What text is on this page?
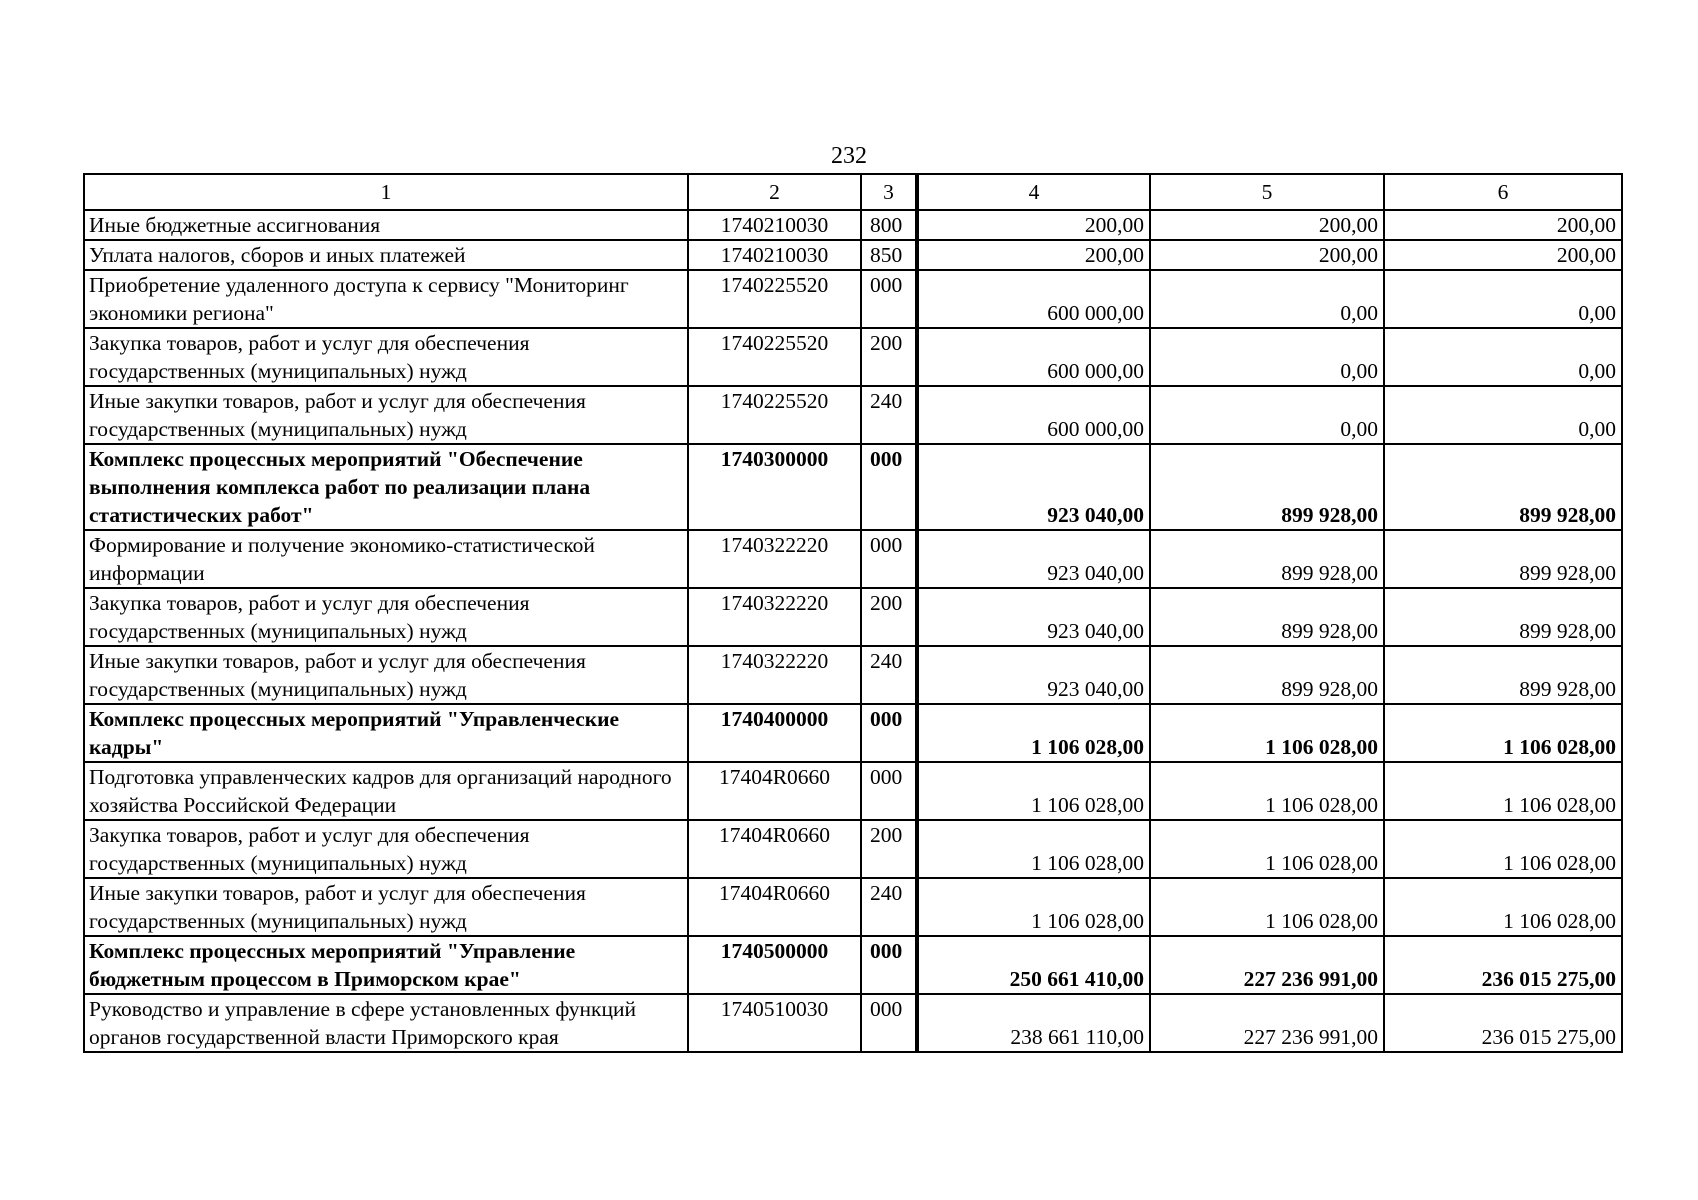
232
1	2	3		4	5	6
Иные бюджетные ассигнования	1740210030	800		200,00	200,00	200,00
Уплата налогов, сборов и иных платежей	1740210030	850		200,00	200,00	200,00
Приобретение удаленного доступа к сервису "Мониторинг экономики региона"	1740225520	000		600 000,00	0,00	0,00
Закупка товаров, работ и услуг для обеспечения государственных (муниципальных) нужд	1740225520	200		600 000,00	0,00	0,00
Иные закупки товаров, работ и услуг для обеспечения государственных (муниципальных) нужд	1740225520	240		600 000,00	0,00	0,00
Комплекс процессных мероприятий "Обеспечение выполнения комплекса работ по реализации плана статистических работ"	1740300000	000		923 040,00	899 928,00	899 928,00
Формирование и получение экономико-статистической информации	1740322220	000		923 040,00	899 928,00	899 928,00
Закупка товаров, работ и услуг для обеспечения государственных (муниципальных) нужд	1740322220	200		923 040,00	899 928,00	899 928,00
Иные закупки товаров, работ и услуг для обеспечения государственных (муниципальных) нужд	1740322220	240		923 040,00	899 928,00	899 928,00
Комплекс процессных мероприятий "Управленческие кадры"	1740400000	000		1 106 028,00	1 106 028,00	1 106 028,00
Подготовка управленческих кадров для организаций народного хозяйства Российской Федерации	17404R0660	000		1 106 028,00	1 106 028,00	1 106 028,00
Закупка товаров, работ и услуг для обеспечения государственных (муниципальных) нужд	17404R0660	200		1 106 028,00	1 106 028,00	1 106 028,00
Иные закупки товаров, работ и услуг для обеспечения государственных (муниципальных) нужд	17404R0660	240		1 106 028,00	1 106 028,00	1 106 028,00
Комплекс процессных мероприятий "Управление бюджетным процессом в Приморском крае"	1740500000	000		250 661 410,00	227 236 991,00	236 015 275,00
Руководство и управление в сфере установленных функций органов государственной власти Приморского края	1740510030	000		238 661 110,00	227 236 991,00	236 015 275,00
